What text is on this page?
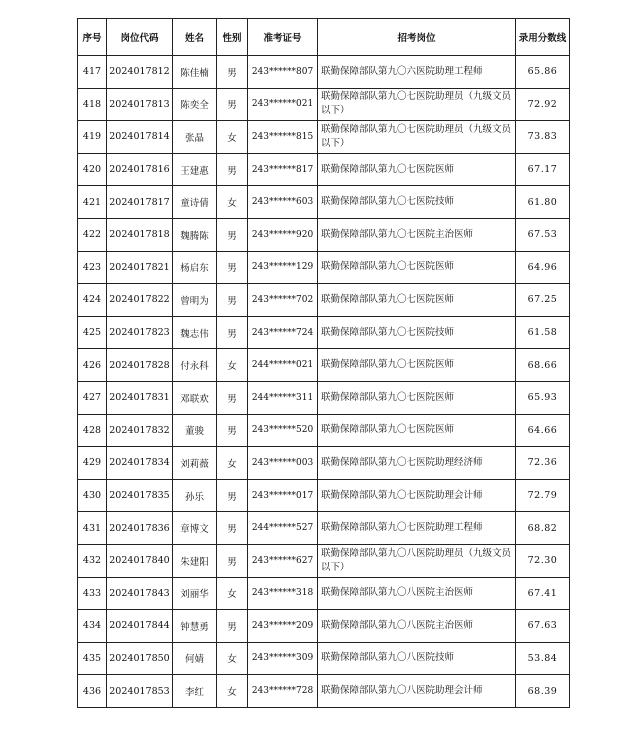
序号	岗位代码	姓名	性别	准考证号	招考岗位	录用分数线
417	2024017812	陈佳楠	男	243******807	联勤保障部队第九〇六医院助理工程师	65.86
418	2024017813	陈奕全	男	243******021	联勤保障部队第九〇七医院助理员（九级文员以下）	72.92
419	2024017814	张晶	女	243******815	联勤保障部队第九〇七医院助理员（九级文员以下）	73.83
420	2024017816	王建惠	男	243******817	联勤保障部队第九〇七医院医师	67.17
421	2024017817	童诗倩	女	243******603	联勤保障部队第九〇七医院技师	61.80
422	2024017818	魏腾陈	男	243******920	联勤保障部队第九〇七医院主治医师	67.53
423	2024017821	杨启东	男	243******129	联勤保障部队第九〇七医院医师	64.96
424	2024017822	曾明为	男	243******702	联勤保障部队第九〇七医院医师	67.25
425	2024017823	魏志伟	男	243******724	联勤保障部队第九〇七医院技师	61.58
426	2024017828	付永科	女	244******021	联勤保障部队第九〇七医院医师	68.66
427	2024017831	邓联欢	男	244******311	联勤保障部队第九〇七医院医师	65.93
428	2024017832	董骏	男	243******520	联勤保障部队第九〇七医院医师	64.66
429	2024017834	刘莉薇	女	243******003	联勤保障部队第九〇七医院助理经济师	72.36
430	2024017835	孙乐	男	243******017	联勤保障部队第九〇七医院助理会计师	72.79
431	2024017836	章博文	男	244******527	联勤保障部队第九〇七医院助理工程师	68.82
432	2024017840	朱建阳	男	243******627	联勤保障部队第九〇八医院助理员（九级文员以下）	72.30
433	2024017843	刘丽华	女	243******318	联勤保障部队第九〇八医院主治医师	67.41
434	2024017844	钟慧勇	男	243******209	联勤保障部队第九〇八医院主治医师	67.63
435	2024017850	何婧	女	243******309	联勤保障部队第九〇八医院技师	53.84
436	2024017853	李红	女	243******728	联勤保障部队第九〇八医院助理会计师	68.39
